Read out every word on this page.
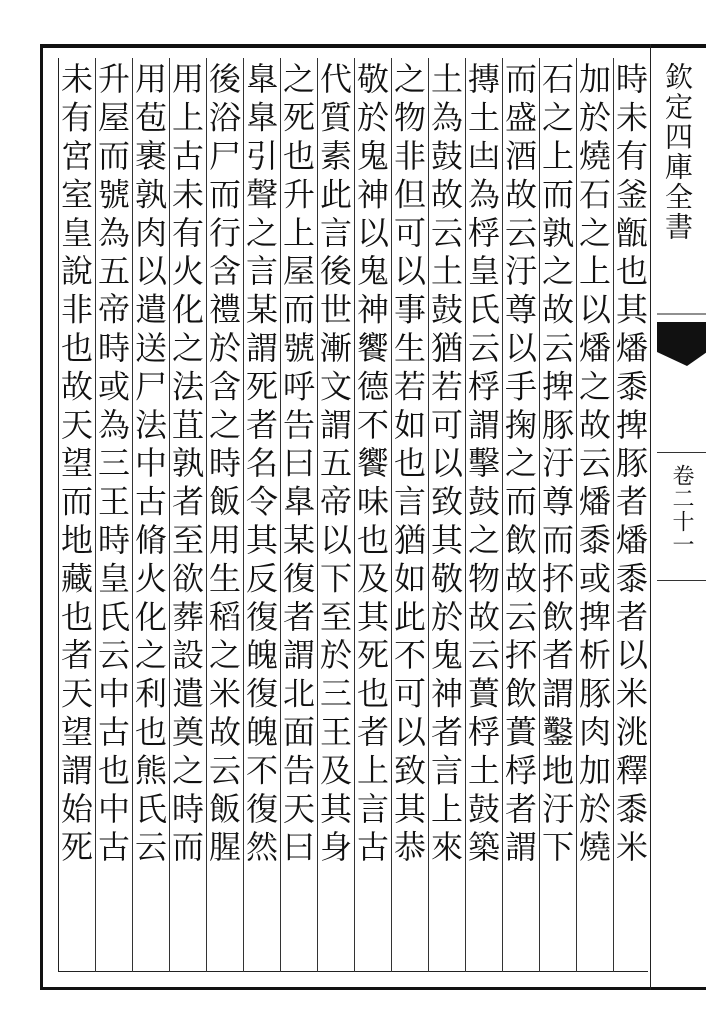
時未有釜甑也其燔黍捭豚者燔黍者以米洮釋黍米
加於燒石之上以燔之故云燔黍或捭析豚肉加於燒
石之上而孰之故云捭豚汙尊而抔飲者謂鑿地汙下
而盛酒故云汙尊以手掬之而飲故云抔飲蕢桴者謂
摶土凷為桴皇氏云桴謂擊鼓之物故云蕢桴土鼓築
土為鼓故云土鼓猶若可以致其敬於鬼神者言上來
之物非但可以事生若如也言猶如此不可以致其恭
敬於鬼神以鬼神饗德不饗味也及其死也者上言古
代質素此言後世漸文謂五帝以下至於三王及其身
之死也升上屋而號呼告曰臯某復者謂北面告天曰
臯臯引聲之言某謂死者名令其反復魄復魄不復然
後浴尸而行含禮於含之時飯用生稻之米故云飯腥
用上古未有火化之法苴孰者至欲葬設遣奠之時而
用苞裹孰肉以遣送尸法中古脩火化之利也熊氏云
升屋而號為五帝時或為三王時皇氏云中古也中古
未有宮室皇說非也故天望而地藏也者天望謂始死	欽定四庫全書
卷二十一
